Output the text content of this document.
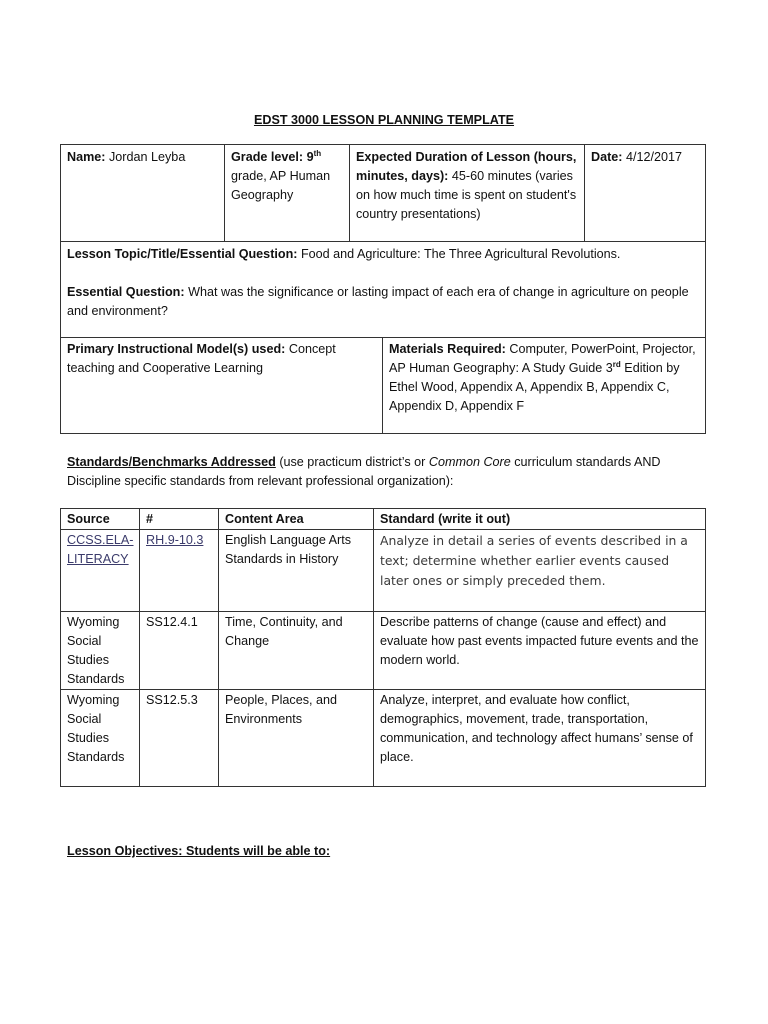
EDST 3000 LESSON PLANNING TEMPLATE
Name: Jordan Leyba	Grade level: 9th grade, AP Human Geography	Expected Duration of Lesson (hours, minutes, days): 45-60 minutes (varies on how much time is spent on student's country presentations)	Date: 4/12/2017

Lesson Topic/Title/Essential Question: Food and Agriculture: The Three Agricultural Revolutions.
Essential Question: What was the significance or lasting impact of each era of change in agriculture on people and environment?
Primary Instructional Model(s) used: Concept teaching and Cooperative Learning	Materials Required: Computer, PowerPoint, Projector, AP Human Geography: A Study Guide 3rd Edition by Ethel Wood, Appendix A, Appendix B, Appendix C, Appendix D, Appendix F
Standards/Benchmarks Addressed (use practicum district’s or Common Core curriculum standards AND Discipline specific standards from relevant professional organization):
Source	#	Content Area	Standard (write it out)
CCSS.ELA-LITERACY	RH.9-10.3	English Language Arts Standards in History	Analyze in detail a series of events described in a text; determine whether earlier events caused later ones or simply preceded them.
Wyoming Social Studies Standards	SS12.4.1	Time, Continuity, and Change	Describe patterns of change (cause and effect) and evaluate how past events impacted future events and the modern world.
Wyoming Social Studies Standards	SS12.5.3	People, Places, and Environments	Analyze, interpret, and evaluate how conflict, demographics, movement, trade, transportation, communication, and technology affect humans’ sense of place.
Lesson Objectives: Students will be able to:
